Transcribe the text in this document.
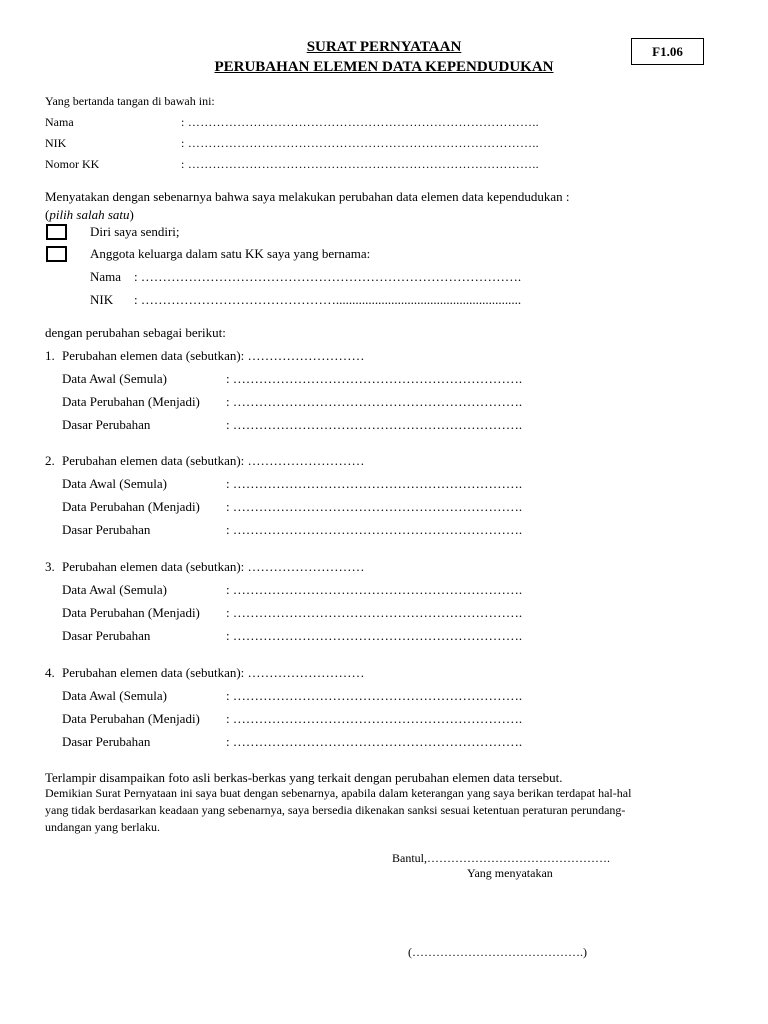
SURAT PERNYATAAN
PERUBAHAN ELEMEN DATA KEPENDUDUKAN
F1.06
Yang bertanda tangan di bawah ini:
Nama	: …………………………………………………………………………..
NIK	: …………………………………………………………………………..
Nomor KK	: …………………………………………………………………………..
Menyatakan dengan sebenarnya bahwa saya melakukan perubahan data elemen data kependudukan :
(pilih salah satu)
Diri saya sendiri;
Anggota keluarga dalam satu KK saya yang bernama:
Nama : …………………………………………………………………………….
NIK : ……………………………………….........................................................
dengan perubahan sebagai berikut:
1. Perubahan elemen data (sebutkan): ………………………
Data Awal (Semula)	: ………………………………………………………….
Data Perubahan (Menjadi) : ………………………………………………………….
Dasar Perubahan	: ………………………………………………………….
2. Perubahan elemen data (sebutkan): ………………………
Data Awal (Semula)	: ………………………………………………………….
Data Perubahan (Menjadi) : ………………………………………………………….
Dasar Perubahan	: ………………………………………………………….
3. Perubahan elemen data (sebutkan): ………………………
Data Awal (Semula)	: ………………………………………………………….
Data Perubahan (Menjadi) : ………………………………………………………….
Dasar Perubahan	: ………………………………………………………….
4. Perubahan elemen data (sebutkan): ………………………
Data Awal (Semula)	: ………………………………………………………….
Data Perubahan (Menjadi) : ………………………………………………………….
Dasar Perubahan	: ………………………………………………………….
Terlampir disampaikan foto asli berkas-berkas yang terkait dengan perubahan elemen data tersebut.
Demikian Surat Pernyataan ini saya buat dengan sebenarnya, apabila dalam keterangan yang saya berikan terdapat hal-hal
yang tidak berdasarkan keadaan yang sebenarnya, saya bersedia dikenakan sanksi sesuai ketentuan peraturan perundang-
undangan yang berlaku.
Bantul,……………………………………….
Yang menyatakan
(…………………………………….)
